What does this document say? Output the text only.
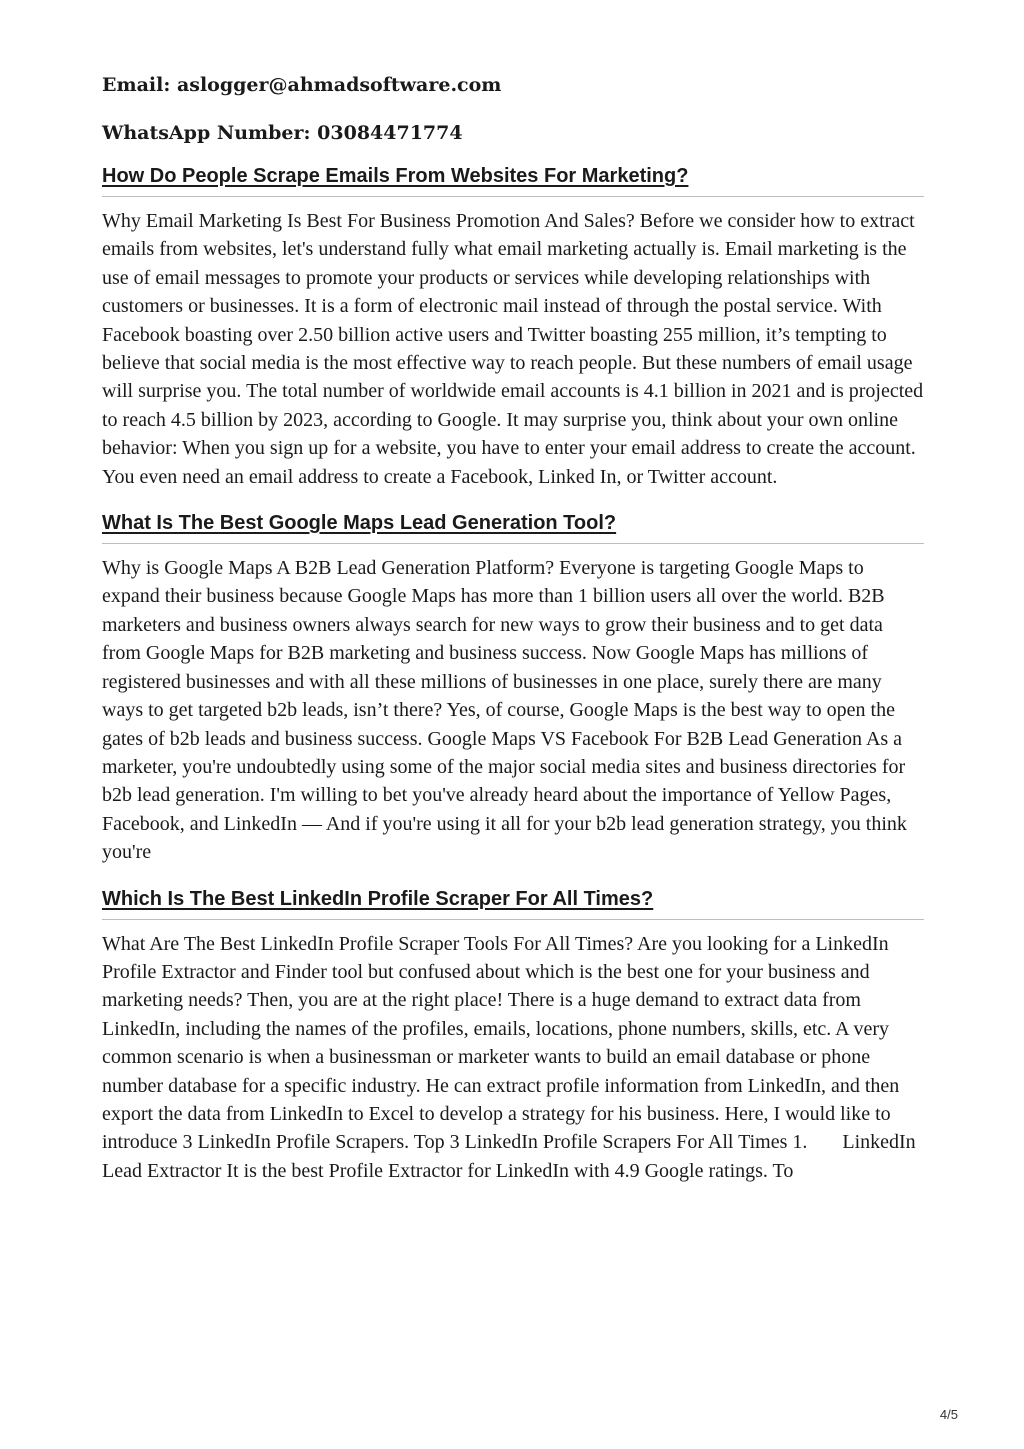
Email: aslogger@ahmadsoftware.com

WhatsApp Number: 03084471774

How Do People Scrape Emails From Websites For Marketing?

Why Email Marketing Is Best For Business Promotion And Sales? Before we consider how to extract emails from websites, let's understand fully what email marketing actually is. Email marketing is the use of email messages to promote your products or services while developing relationships with customers or businesses. It is a form of electronic mail instead of through the postal service. With Facebook boasting over 2.50 billion active users and Twitter boasting 255 million, it’s tempting to believe that social media is the most effective way to reach people. But these numbers of email usage will surprise you. The total number of worldwide email accounts is 4.1 billion in 2021 and is projected to reach 4.5 billion by 2023, according to Google. It may surprise you, think about your own online behavior: When you sign up for a website, you have to enter your email address to create the account. You even need an email address to create a Facebook, Linked In, or Twitter account.

What Is The Best Google Maps Lead Generation Tool?

Why is Google Maps A B2B Lead Generation Platform? Everyone is targeting Google Maps to expand their business because Google Maps has more than 1 billion users all over the world. B2B marketers and business owners always search for new ways to grow their business and to get data from Google Maps for B2B marketing and business success. Now Google Maps has millions of registered businesses and with all these millions of businesses in one place, surely there are many ways to get targeted b2b leads, isn’t there? Yes, of course, Google Maps is the best way to open the gates of b2b leads and business success. Google Maps VS Facebook For B2B Lead Generation As a marketer, you're undoubtedly using some of the major social media sites and business directories for b2b lead generation. I'm willing to bet you've already heard about the importance of Yellow Pages, Facebook, and LinkedIn — And if you're using it all for your b2b lead generation strategy, you think you're

Which Is The Best LinkedIn Profile Scraper For All Times?

What Are The Best LinkedIn Profile Scraper Tools For All Times? Are you looking for a LinkedIn Profile Extractor and Finder tool but confused about which is the best one for your business and marketing needs? Then, you are at the right place! There is a huge demand to extract data from LinkedIn, including the names of the profiles, emails, locations, phone numbers, skills, etc. A very common scenario is when a businessman or marketer wants to build an email database or phone number database for a specific industry. He can extract profile information from LinkedIn, and then export the data from LinkedIn to Excel to develop a strategy for his business. Here, I would like to introduce 3 LinkedIn Profile Scrapers. Top 3 LinkedIn Profile Scrapers For All Times 1.       LinkedIn Lead Extractor It is the best Profile Extractor for LinkedIn with 4.9 Google ratings. To

4/5
